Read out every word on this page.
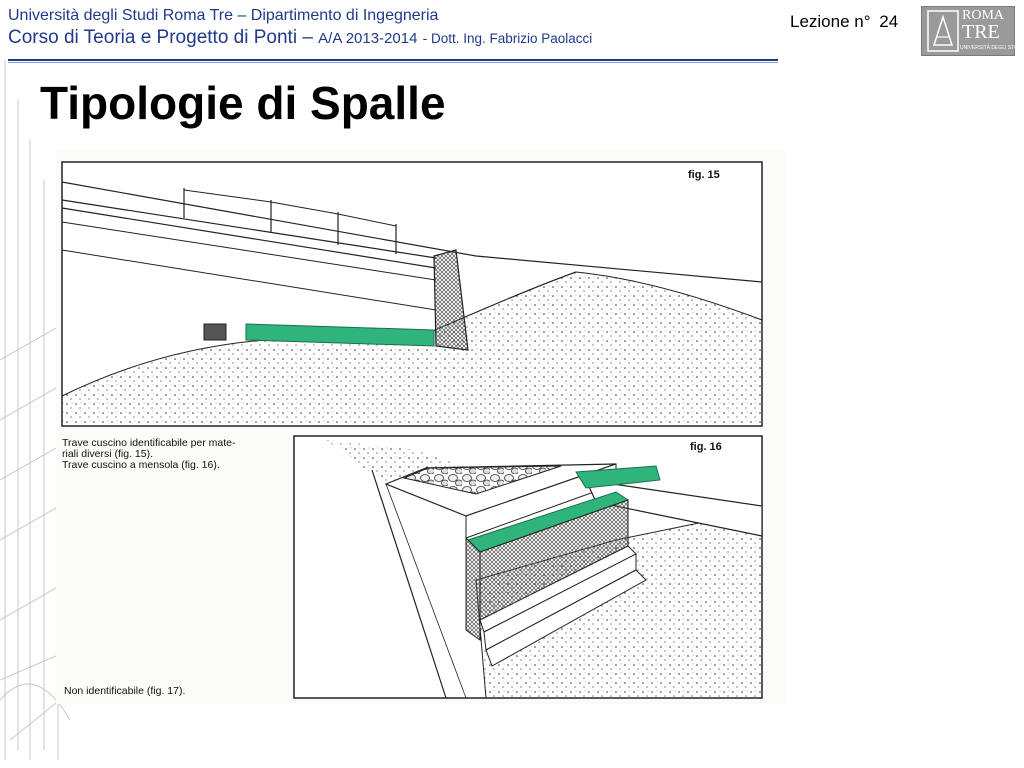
Università degli Studi Roma Tre – Dipartimento di Ingegneria
Corso di Teoria e Progetto di Ponti – A/A 2013-2014 - Dott. Ing. Fabrizio Paolacci
Lezione n° 24	ROMA
TRE
UNIVERSITÀ DEGLI STUDI
Tipologie di Spalle
fig. 15
fig. 16
Trave cuscino identificabile per mate-
riali diversi (fig. 15).
Trave cuscino a mensola (fig. 16).
Non identificabile (fig. 17).
